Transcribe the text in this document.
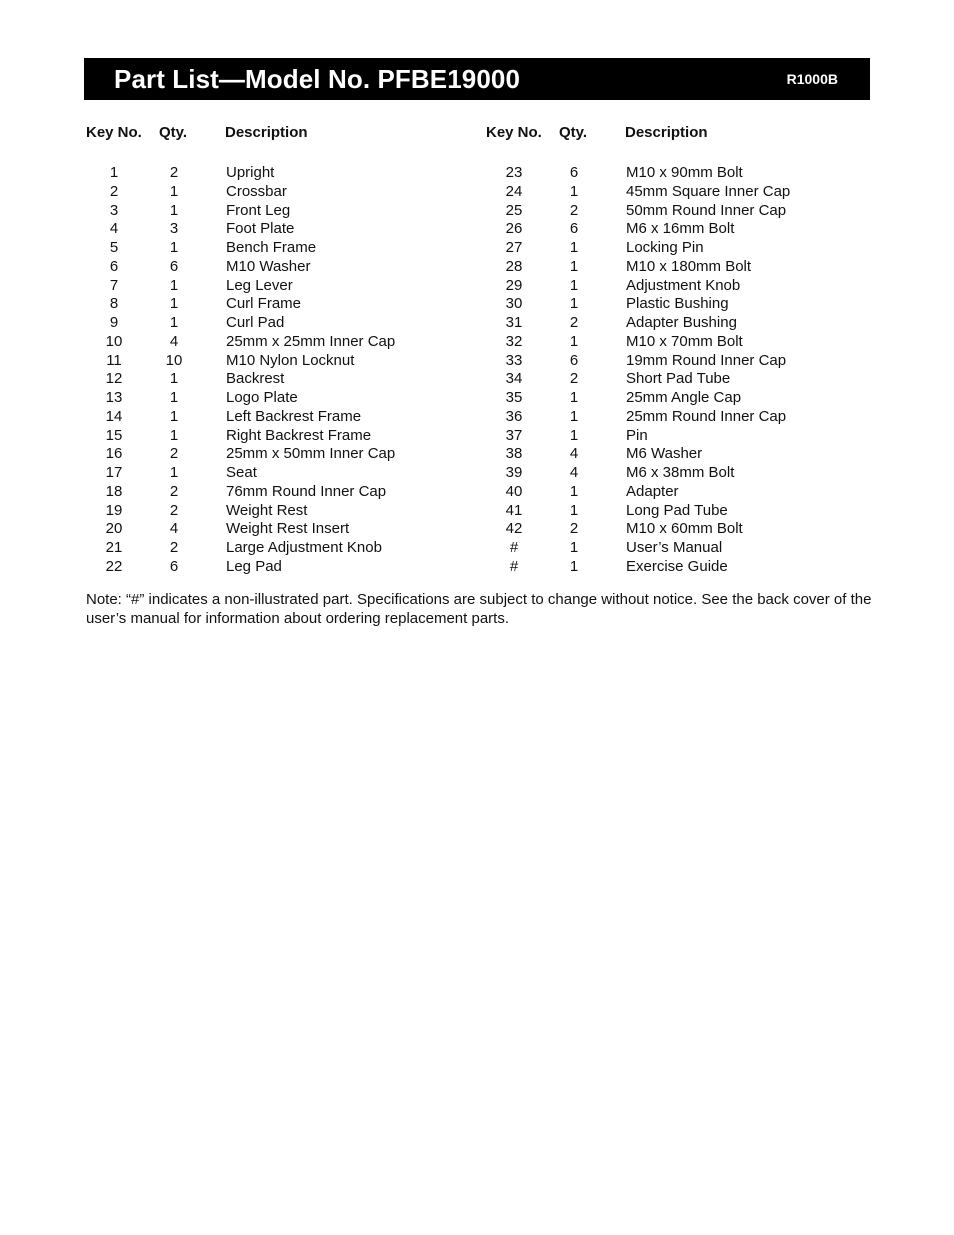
Part List—Model No. PFBE19000	R1000B
Key No. Qty.	Description
1	2	Upright
2	1	Crossbar
3	1	Front Leg
4	3	Foot Plate
5	1	Bench Frame
6	6	M10 Washer
7	1	Leg Lever
8	1	Curl Frame
9	1	Curl Pad
10	4	25mm x 25mm Inner Cap
11	10	M10 Nylon Locknut
12	1	Backrest
13	1	Logo Plate
14	1	Left Backrest Frame
15	1	Right Backrest Frame
16	2	25mm x 50mm Inner Cap
17	1	Seat
18	2	76mm Round Inner Cap
19	2	Weight Rest
20	4	Weight Rest Insert
21	2	Large Adjustment Knob
22	6	Leg Pad
Key No. Qty.	Description
23	6	M10 x 90mm Bolt
24	1	45mm Square Inner Cap
25	2	50mm Round Inner Cap
26	6	M6 x 16mm Bolt
27	1	Locking Pin
28	1	M10 x 180mm Bolt
29	1	Adjustment Knob
30	1	Plastic Bushing
31	2	Adapter Bushing
32	1	M10 x 70mm Bolt
33	6	19mm Round Inner Cap
34	2	Short Pad Tube
35	1	25mm Angle Cap
36	1	25mm Round Inner Cap
37	1	Pin
38	4	M6 Washer
39	4	M6 x 38mm Bolt
40	1	Adapter
41	1	Long Pad Tube
42	2	M10 x 60mm Bolt
#	1	User’s Manual
#	1	Exercise Guide
Note: “#” indicates a non-illustrated part. Specifications are subject to change without notice. See the back cover of the user’s manual for information about ordering replacement parts.
